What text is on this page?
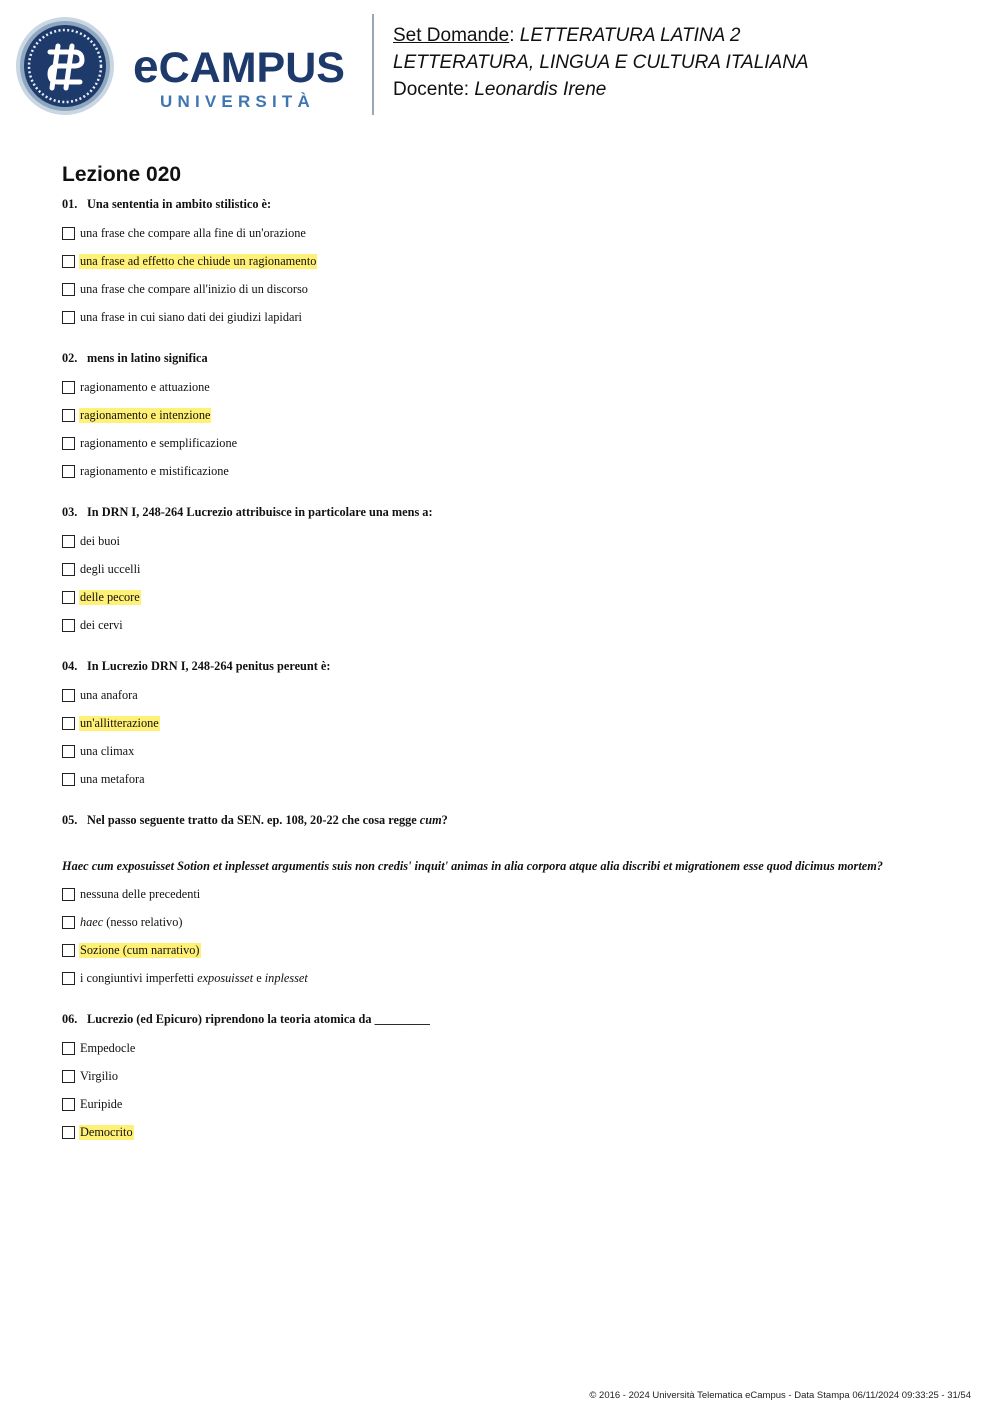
eCAMPUS
UNIVERSITÀ
Set Domande: LETTERATURA LATINA 2
LETTERATURA, LINGUA E CULTURA ITALIANA
Docente: Leonardis Irene
Lezione 020
01. Una sententia in ambito stilistico è:
una frase che compare alla fine di un'orazione
una frase ad effetto che chiude un ragionamento
una frase che compare all'inizio di un discorso
una frase in cui siano dati dei giudizi lapidari
02. mens in latino significa
ragionamento e attuazione
ragionamento e intenzione
ragionamento e semplificazione
ragionamento e mistificazione
03. In DRN I, 248-264 Lucrezio attribuisce in particolare una mens a:
dei buoi
degli uccelli
delle pecore
dei cervi
04. In Lucrezio DRN I, 248-264 penitus pereunt è:
una anafora
un'allitterazione
una climax
una metafora
05. Nel passo seguente tratto da SEN. ep. 108, 20-22 che cosa regge cum?
Haec cum exposuisset Sotion et inplesset argumentis suis non credis' inquit' animas in alia corpora atque alia discribi et migrationem esse quod dicimus mortem?
nessuna delle precedenti
haec (nesso relativo)
Sozione (cum narrativo)
i congiuntivi imperfetti exposuisset e inplesset
06. Lucrezio (ed Epicuro) riprendono la teoria atomica da _________
Empedocle
Virgilio
Euripide
Democrito
© 2016 - 2024 Università Telematica eCampus - Data Stampa 06/11/2024 09:33:25 - 31/54
